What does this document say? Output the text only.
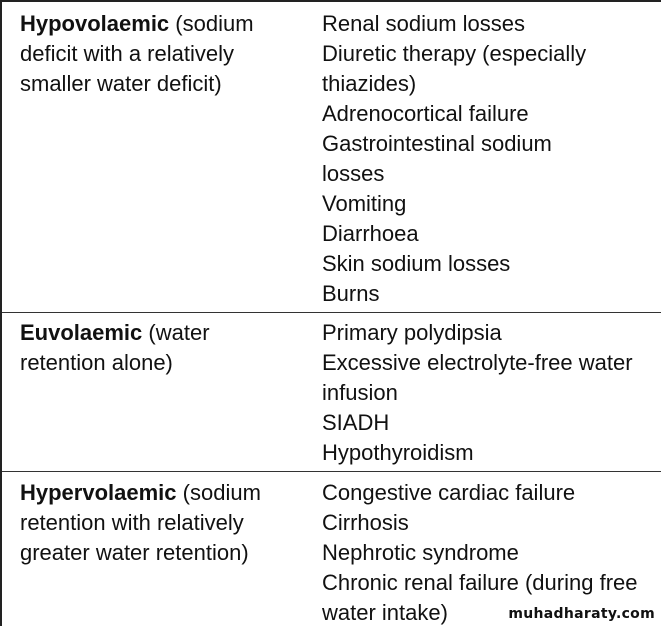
Hypovolaemic (sodium
deficit with a relatively
smaller water deficit)
Renal sodium losses
Diuretic therapy (especially
thiazides)
Adrenocortical failure
Gastrointestinal sodium
losses
Vomiting
Diarrhoea
Skin sodium losses
Burns
Euvolaemic (water
retention alone)
Primary polydipsia
Excessive electrolyte-free water
infusion
SIADH
Hypothyroidism
Hypervolaemic (sodium
retention with relatively
greater water retention)
Congestive cardiac failure
Cirrhosis
Nephrotic syndrome
Chronic renal failure (during free
water intake)	muhadharaty.com
